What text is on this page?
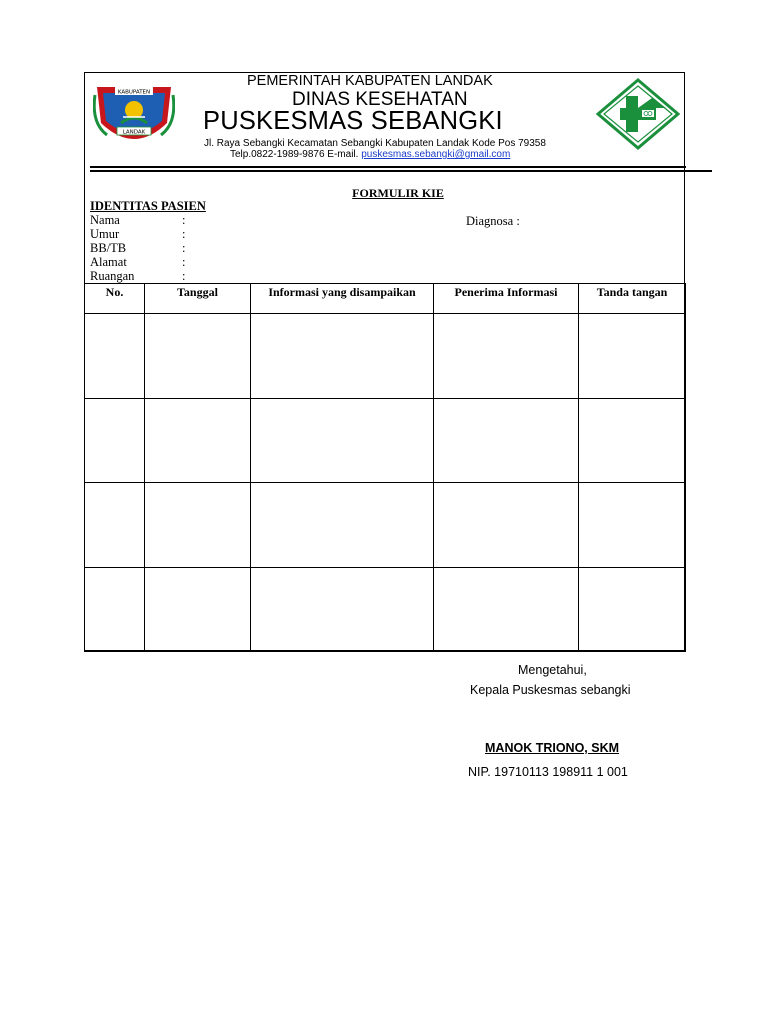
KABUPATEN
LANDAK
PEMERINTAH KABUPATEN LANDAK
DINAS KESEHATAN
PUSKESMAS SEBANGKI
Jl. Raya Sebangki Kecamatan Sebangki Kabupaten Landak Kode Pos 79358
Telp.0822-1989-9876 E-mail. puskesmas.sebangki@gmail.com
FORMULIR KIE
IDENTITAS PASIEN
Nama	:
Umur	:
BB/TB	:
Alamat	:
Ruangan	:
Diagnosa :
No.	Tanggal	Informasi yang disampaikan	Penerima Informasi	Tanda tangan

Mengetahui,
Kepala Puskesmas sebangki
MANOK TRIONO, SKM
NIP. 19710113 198911 1 001
